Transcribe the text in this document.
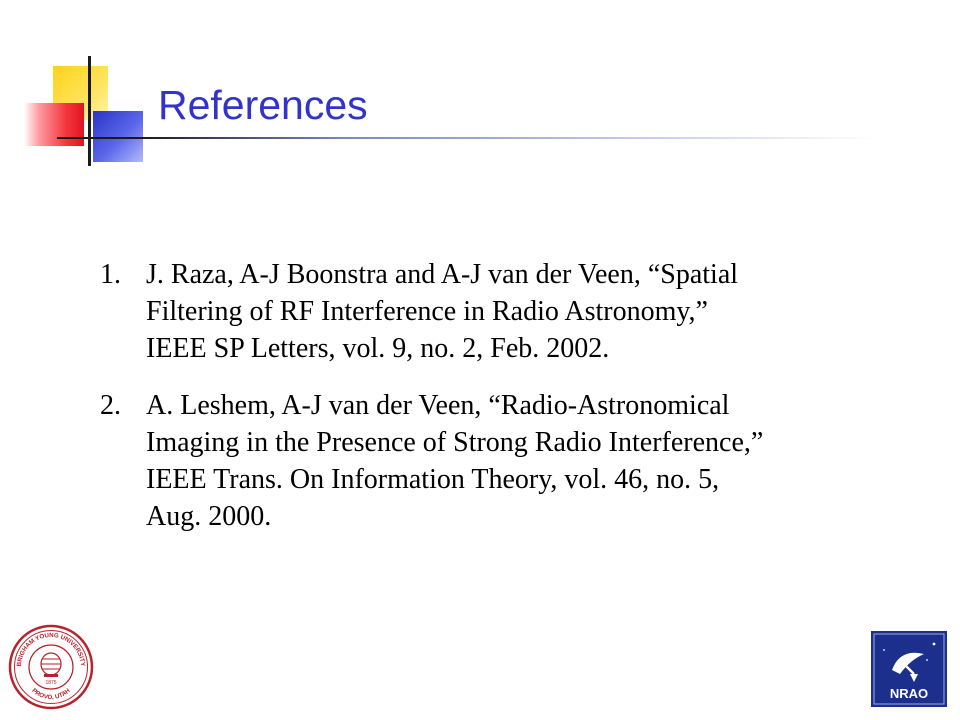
References
1. J. Raza, A-J Boonstra and A-J van der Veen, “Spatial
Filtering of RF Interference in Radio Astronomy,”
IEEE SP Letters, vol. 9, no. 2, Feb. 2002.
2. A. Leshem, A-J van der Veen, “Radio-Astronomical
Imaging in the Presence of Strong Radio Interference,”
IEEE Trans. On Information Theory, vol. 46, no. 5,
Aug. 2000.
BRIGHAM YOUNG UNIVERSITY
PROVO, UTAH
1875
NRAO
